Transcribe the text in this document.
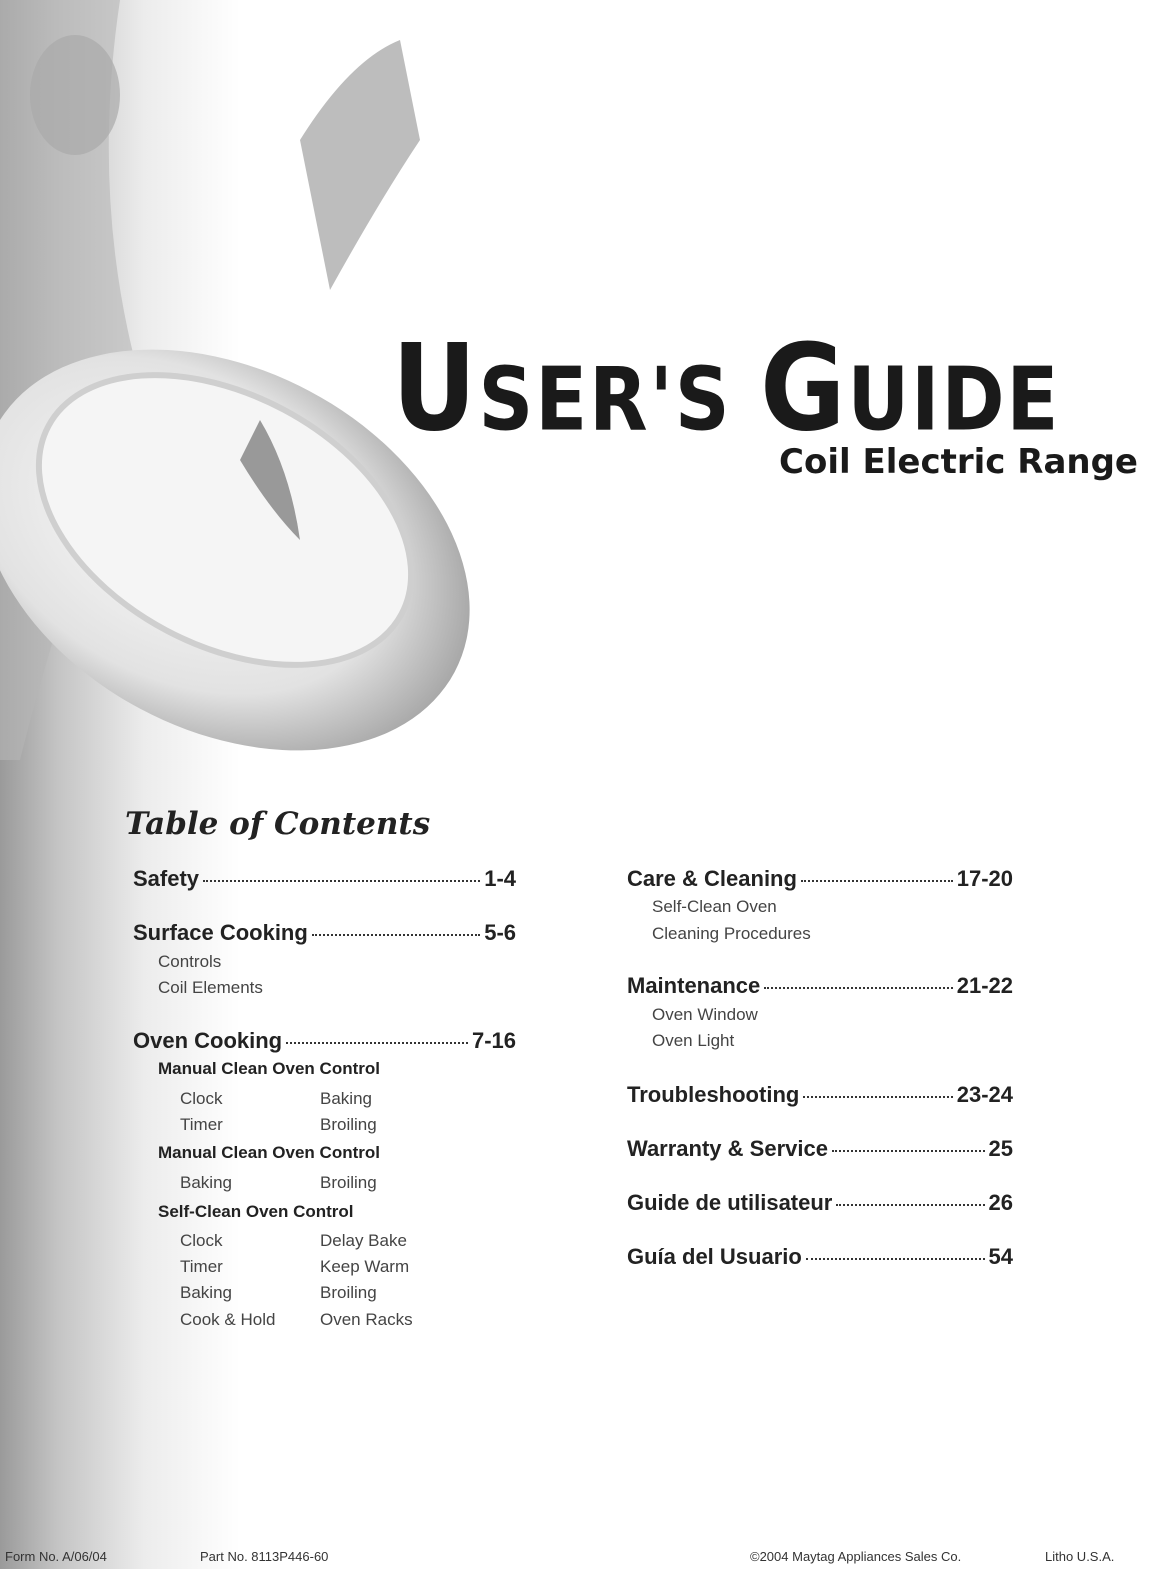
USER'S GUIDE
Coil Electric Range
Table of Contents
Safety	1-4
Surface Cooking	5-6
Controls
Coil Elements
Oven Cooking	7-16
Manual Clean Oven Control
Clock	Baking
Timer	Broiling
Manual Clean Oven Control
Baking	Broiling
Self-Clean Oven Control
Clock	Delay Bake
Timer	Keep Warm
Baking	Broiling
Cook & Hold	Oven Racks
Care & Cleaning	17-20
Self-Clean Oven
Cleaning Procedures
Maintenance	21-22
Oven Window
Oven Light
Troubleshooting	23-24
Warranty & Service	25
Guide de utilisateur	26
Guía del Usuario	54
Form No. A/06/04	Part No. 8113P446-60	©2004 Maytag Appliances Sales Co.	Litho U.S.A.
